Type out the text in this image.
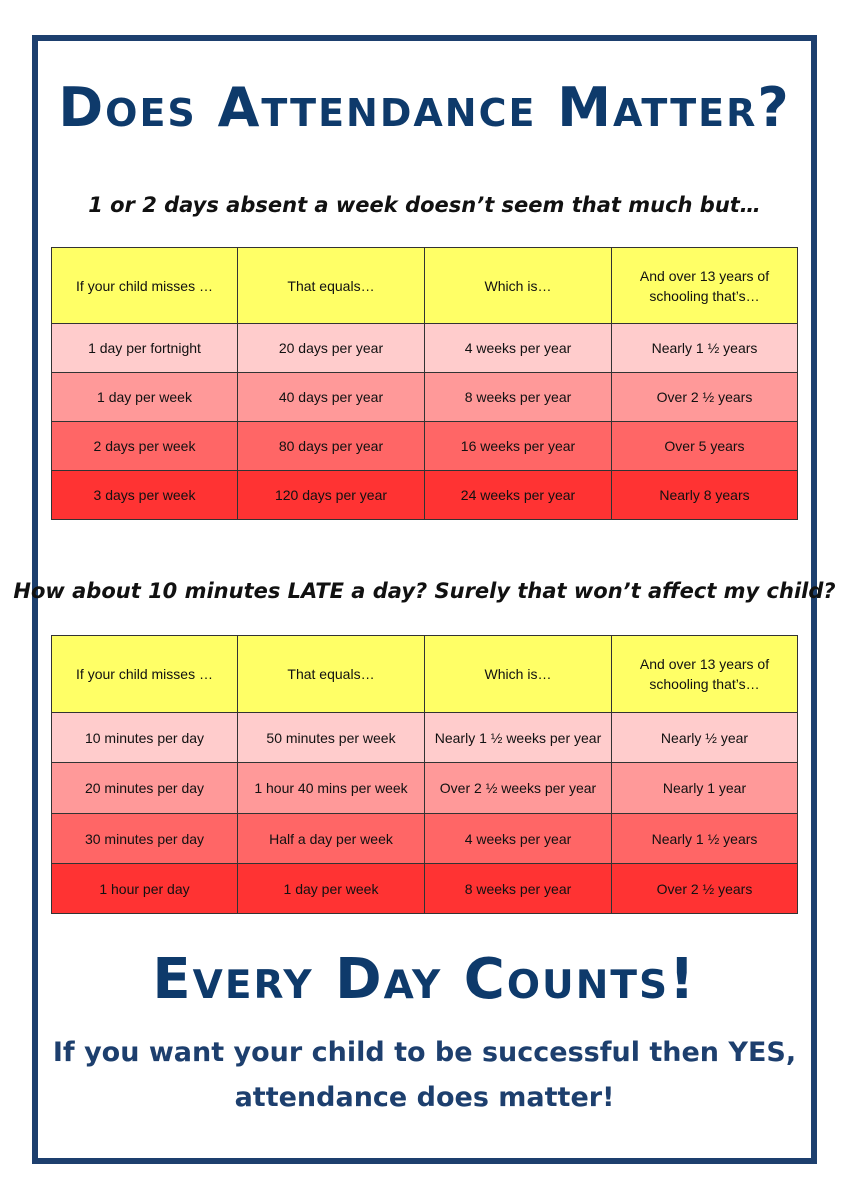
Does Attendance Matter?
1 or 2 days absent a week doesn’t seem that much but…
If your child misses …	That equals…	Which is…	And over 13 years of schooling that’s…
1 day per fortnight	20 days per year	4 weeks per year	Nearly 1 ½ years
1 day per week	40 days per year	8 weeks per year	Over 2 ½ years
2 days per week	80 days per year	16 weeks per year	Over 5 years
3 days per week	120 days per year	24 weeks per year	Nearly 8 years
How about 10 minutes LATE a day? Surely that won’t affect my child?
If your child misses …	That equals…	Which is…	And over 13 years of schooling that’s…
10 minutes per day	50 minutes per week	Nearly 1 ½ weeks per year	Nearly ½ year
20 minutes per day	1 hour 40 mins per week	Over 2 ½ weeks per year	Nearly 1 year
30 minutes per day	Half a day per week	4 weeks per year	Nearly 1 ½ years
1 hour per day	1 day per week	8 weeks per year	Over 2 ½ years
Every Day Counts!
If you want your child to be successful then YES,
attendance does matter!
